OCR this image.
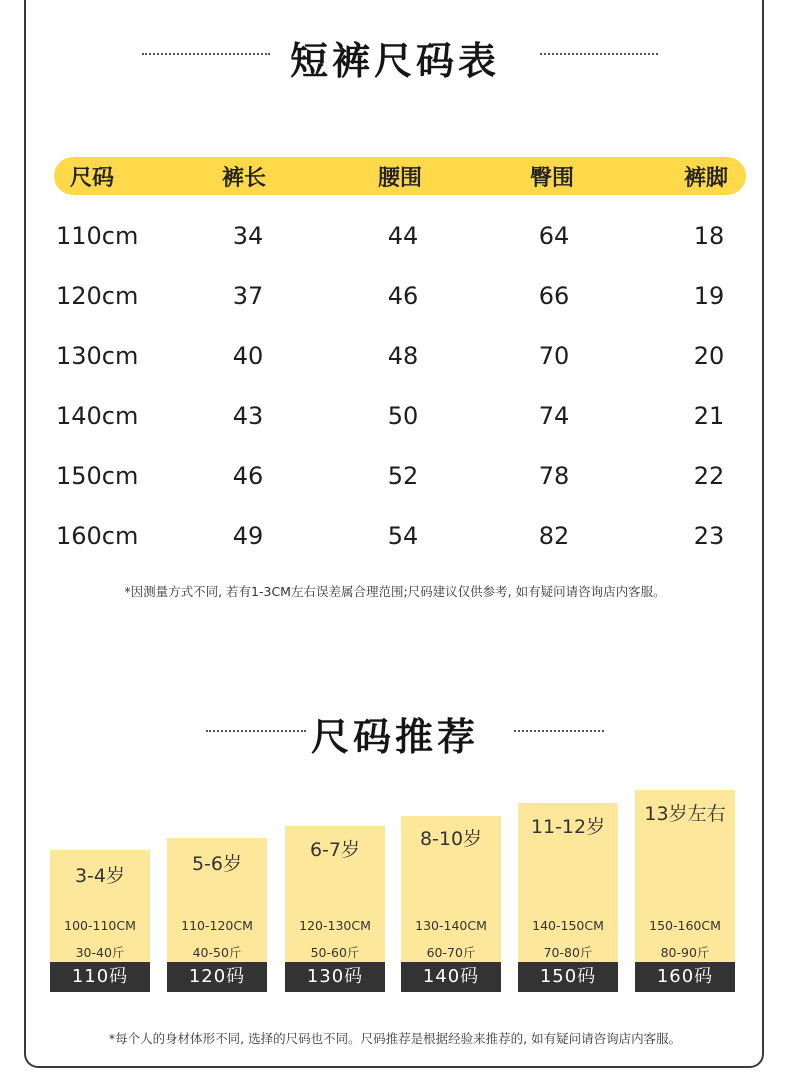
短裤尺码表
尺码	裤长	腰围	臀围	裤脚
110cm	34	44	64	18
120cm	37	46	66	19
130cm	40	48	70	20
140cm	43	50	74	21
150cm	46	52	78	22
160cm	49	54	82	23
*因测量方式不同, 若有1-3CM左右误差属合理范围;尺码建议仅供参考, 如有疑问请咨询店内客服。
尺码推荐
3-4岁
100-110CM
30-40斤
110码
5-6岁
110-120CM
40-50斤
120码
6-7岁
120-130CM
50-60斤
130码
8-10岁
130-140CM
60-70斤
140码
11-12岁
140-150CM
70-80斤
150码
13岁左右
150-160CM
80-90斤
160码
*每个人的身材体形不同, 选择的尺码也不同。尺码推荐是根据经验来推荐的, 如有疑问请咨询店内客服。
